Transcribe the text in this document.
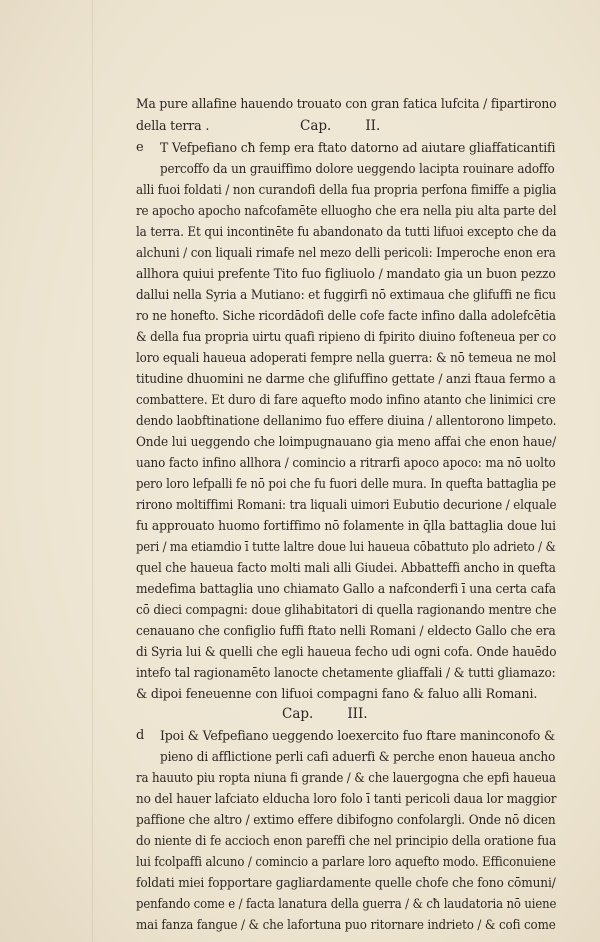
Ma pure allafine hauendo trouato con gran fatica lufcita / fipartirono
della terra .	Cap.	II.
e	T Vefpefiano cħ femp era ftato datorno ad aiutare gliaffaticantifi
percoffo da un grauiffimo dolore ueggendo lacipta rouinare adoffo
alli fuoi foldati / non curandofi della fua propria perfona fimiffe a piglia
re apocho apocho nafcofamēte elluogho che era nella piu alta parte del
la terra. Et qui incontinēte fu abandonato da tutti lifuoi excepto che da
alchuni / con liquali rimafe nel mezo delli pericoli: Imperoche enon era
allhora quiui prefente Tito fuo figliuolo / mandato gia un buon pezzo
dallui nella Syria a Mutiano: et fuggirfi nō extimaua che glifuffi ne ficu
ro ne honefto. Siche ricordādofi delle cofe facte infino dalla adolefcētia
& della fua propria uirtu quafi ripieno di fpirito diuino foſteneua per co
loro equali haueua adoperati fempre nella guerra: & nō temeua ne mol
titudine dhuomini ne darme che glifuffino gettate / anzi ftaua fermo a
combattere. Et duro di fare aquefto modo infino atanto che linimici cre
dendo laobftinatione dellanimo fuo effere diuina / allentorono limpeto.
Onde lui ueggendo che loimpugnauano gia meno affai che enon haue/
uano facto infino allhora / comincio a ritrarfi apoco apoco: ma nō uolto
pero loro lefpalli fe nō poi che fu fuori delle mura. In quefta battaglia pe
rirono moltiffimi Romani: tra liquali uimori Eubutio decurione / elquale
fu approuato huomo fortiffimo nō folamente in q̄lla battaglia doue lui
peri / ma etiamdio ī tutte laltre doue lui haueua cōbattuto plo adrieto / &
quel che haueua facto molti mali alli Giudei. Abbatteffi ancho in quefta
medefima battaglia uno chiamato Gallo a nafconderfi ī una certa cafa
cō dieci compagni: doue glihabitatori di quella ragionando mentre che
cenauano che configlio fuffi ftato nelli Romani / eldecto Gallo che era
di Syria lui & quelli che egli haueua fecho udi ogni cofa. Onde hauēdo
intefo tal ragionamēto lanocte chetamente gliaffali / & tutti gliamazo:
& dipoi feneuenne con lifuoi compagni fano & faluo alli Romani.
Cap.	III.
d	Ipoi & Vefpefiano ueggendo loexercito fuo ftare maninconofo &
pieno di afflictione perli cafi aduerfi & perche enon haueua ancho
ra hauuto piu ropta niuna fi grande / & che lauergogna che epfi haueua
no del hauer lafciato elducha loro folo ī tanti pericoli daua lor maggior
paffione che altro / extimo effere dibifogno confolargli. Onde nō dicen
do niente di fe accioch enon pareffi che nel principio della oratione fua
lui fcolpaffi alcuno / comincio a parlare loro aquefto modo. Efficonuiene
foldati miei fopportare gagliardamente quelle chofe che fono cōmuni/
penfando come e / facta lanatura della guerra / & cħ laudatoria nō uiene
mai fanza fangue / & che lafortuna puo ritornare indrieto / & cofi come
